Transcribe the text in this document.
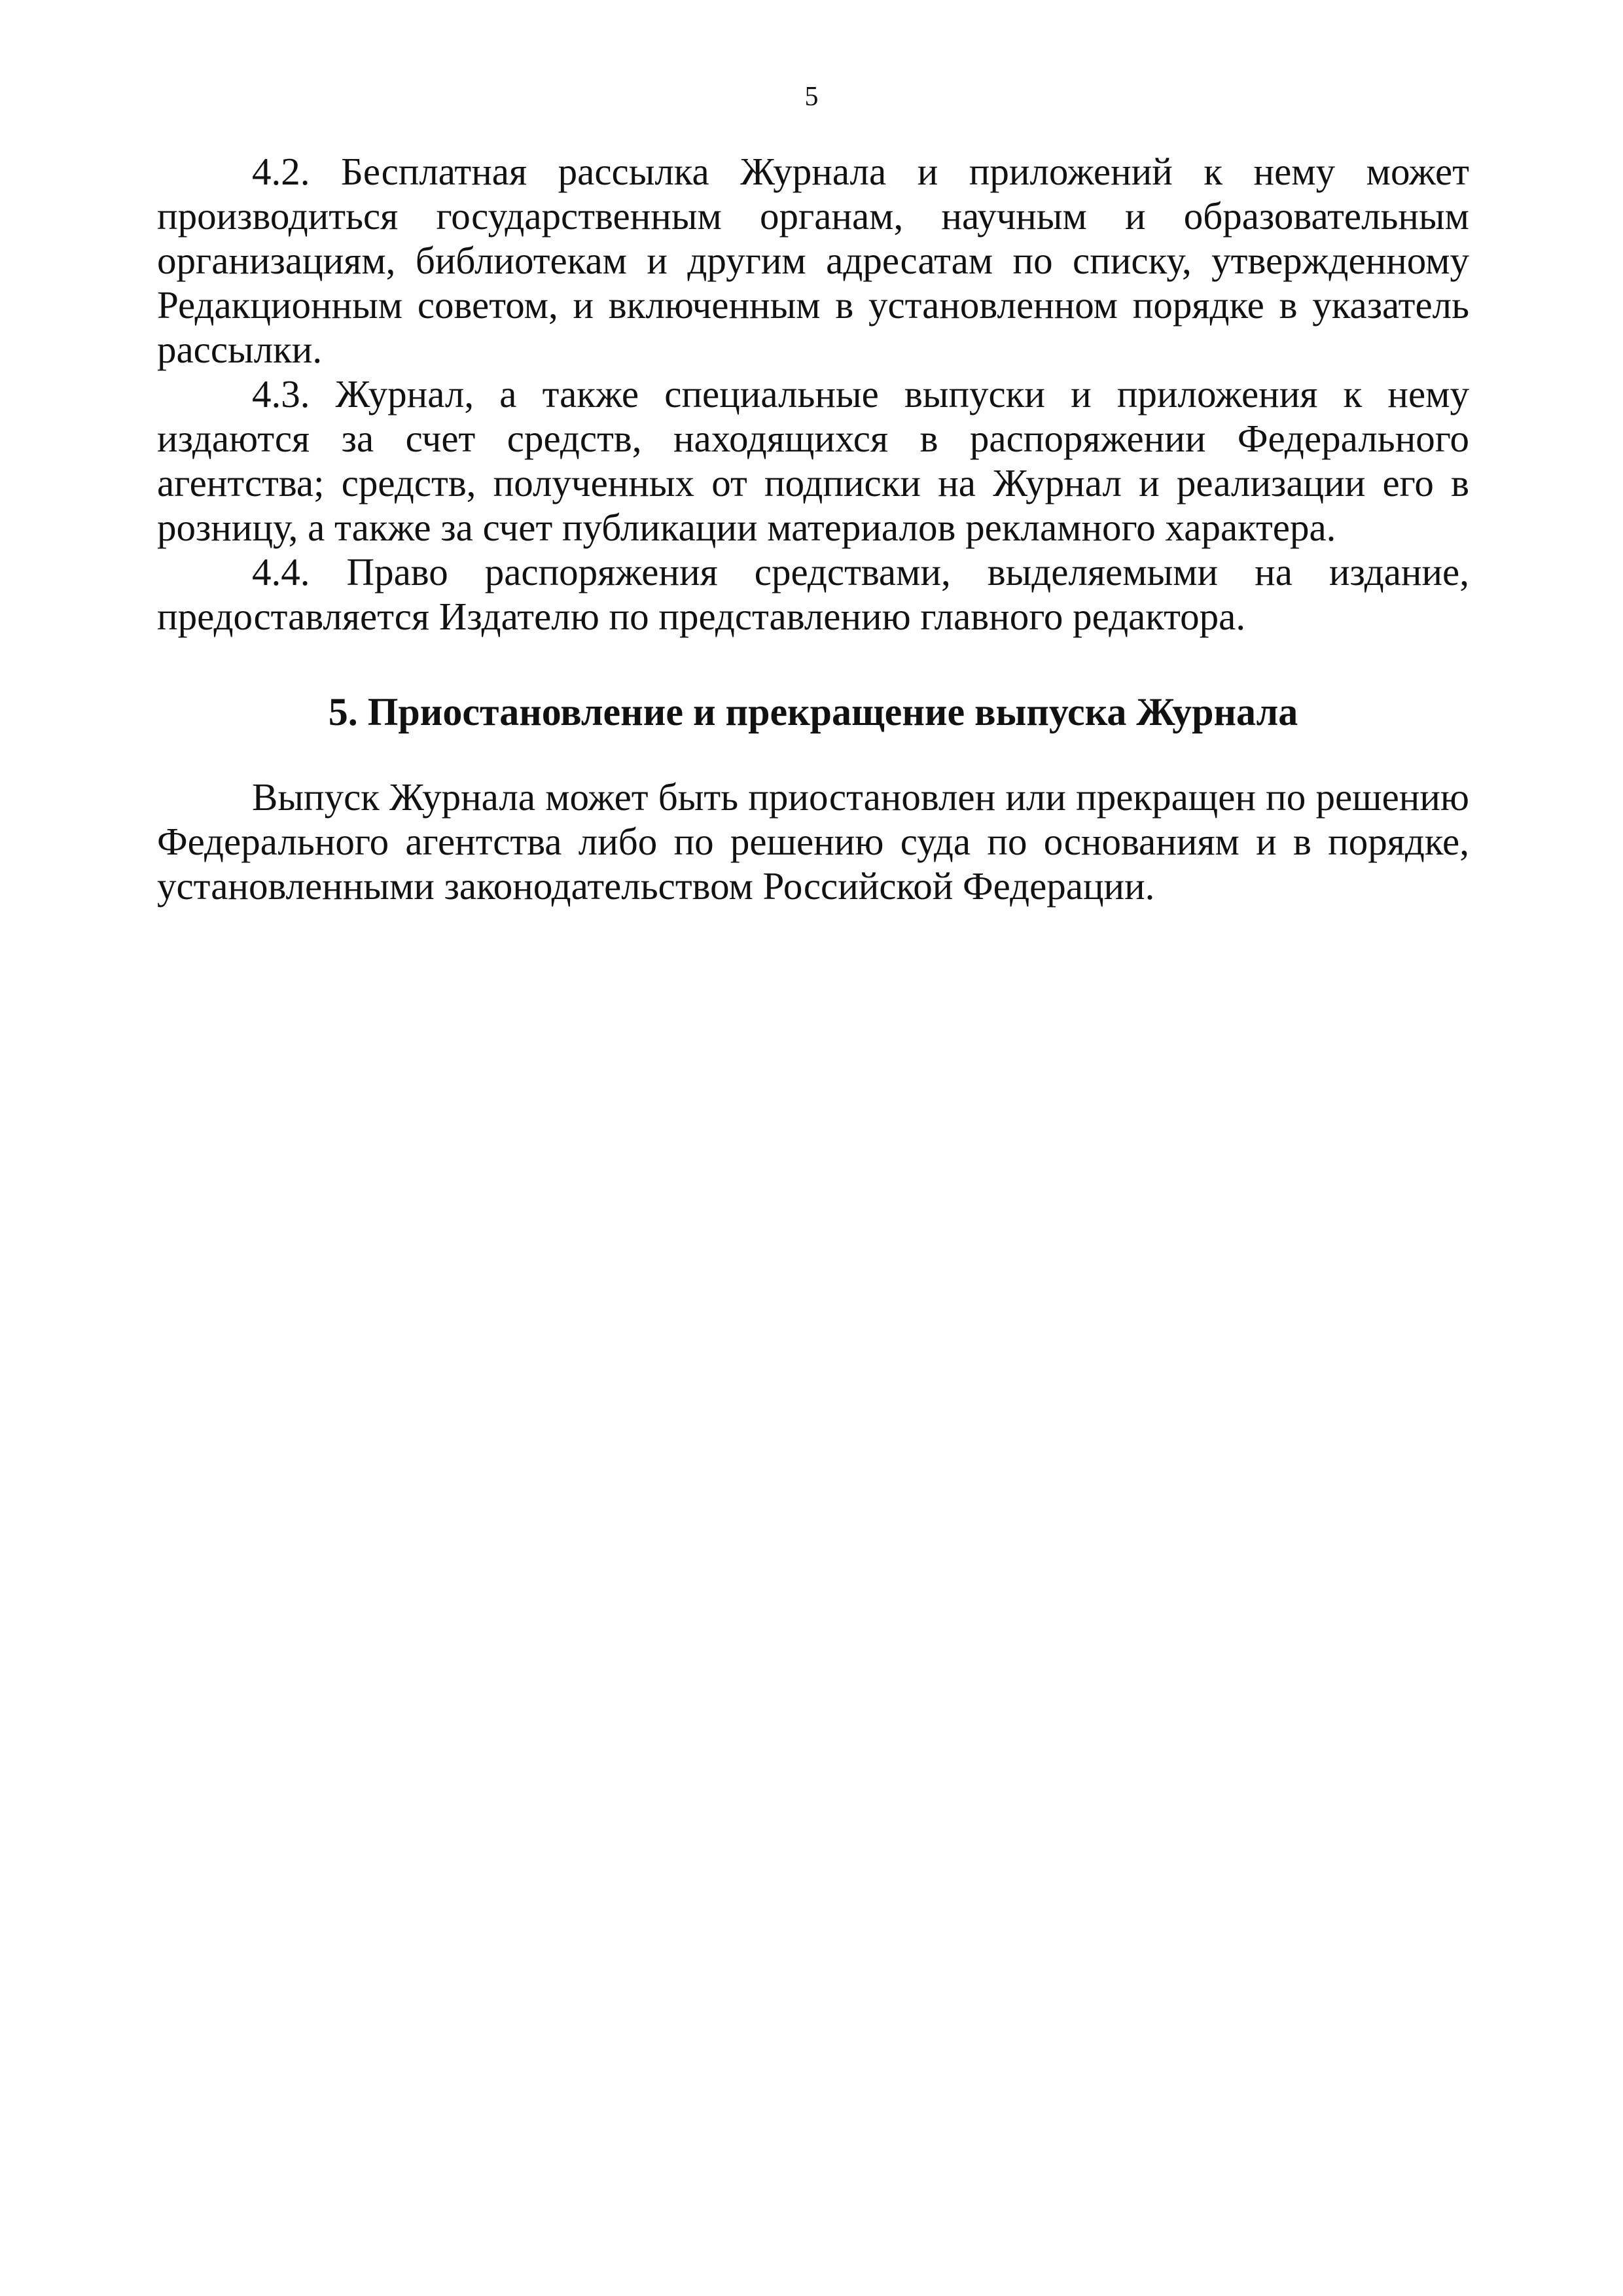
5

4.2. Бесплатная рассылка Журнала и приложений к нему может производиться государственным органам, научным и образовательным организациям, библиотекам и другим адресатам по списку, утвержденному Редакционным советом, и включенным в установленном порядке в указатель рассылки.

4.3. Журнал, а также специальные выпуски и приложения к нему издаются за счет средств, находящихся в распоряжении Федерального агентства; средств, полученных от подписки на Журнал и реализации его в розницу, а также за счет публикации материалов рекламного характера.

4.4. Право распоряжения средствами, выделяемыми на издание, предоставляется Издателю по представлению главного редактора.

5. Приостановление и прекращение выпуска Журнала

Выпуск Журнала может быть приостановлен или прекращен по решению Федерального агентства либо по решению суда по основаниям и в порядке, установленными законодательством Российской Федерации.
